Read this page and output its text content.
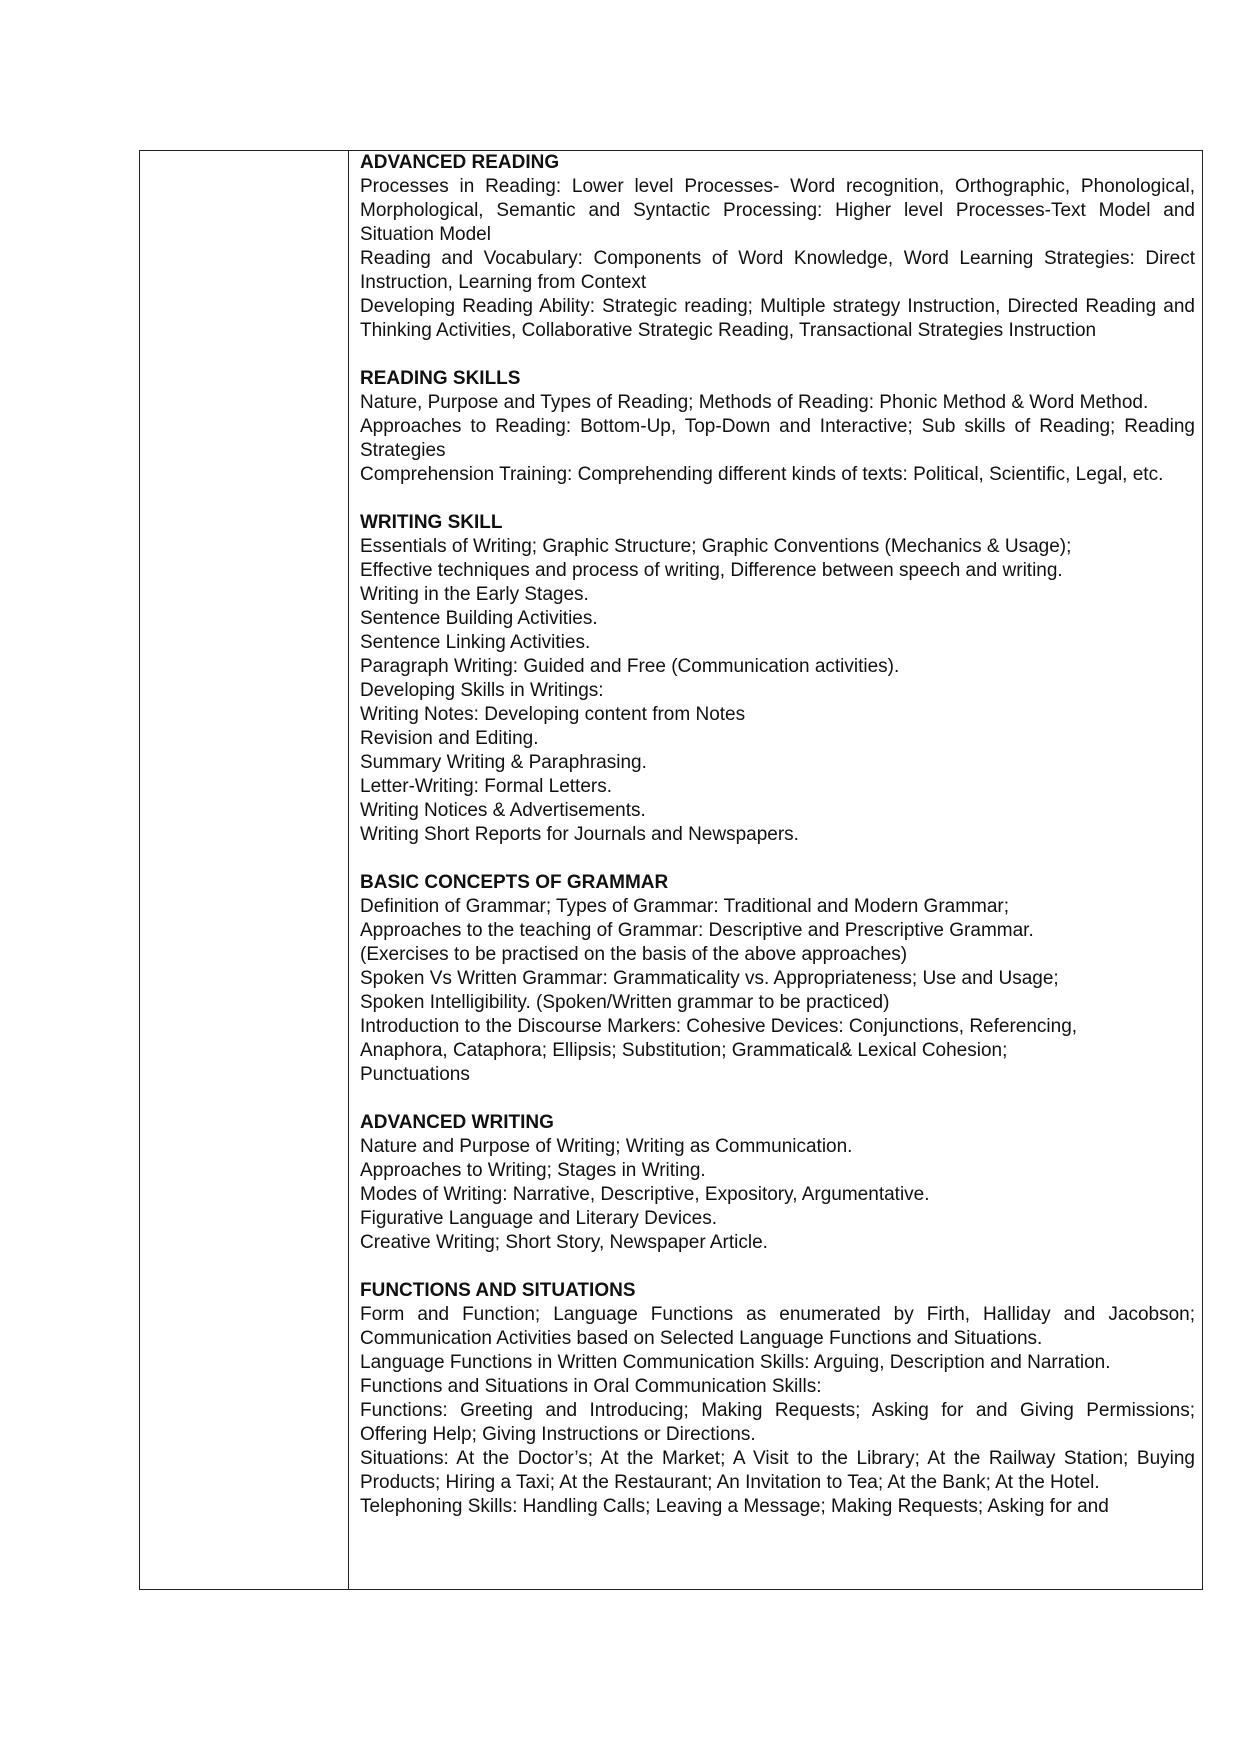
ADVANCED READING
Processes in Reading: Lower level Processes- Word recognition, Orthographic, Phonological, Morphological, Semantic and Syntactic Processing: Higher level Processes-Text Model and Situation Model
Reading and Vocabulary: Components of Word Knowledge, Word Learning Strategies: Direct Instruction, Learning from Context
Developing Reading Ability: Strategic reading; Multiple strategy Instruction, Directed Reading and Thinking Activities, Collaborative Strategic Reading, Transactional Strategies Instruction
READING SKILLS
Nature, Purpose and Types of Reading; Methods of Reading: Phonic Method & Word Method.
Approaches to Reading: Bottom-Up, Top-Down and Interactive; Sub skills of Reading; Reading Strategies
Comprehension Training: Comprehending different kinds of texts: Political, Scientific, Legal, etc.
WRITING SKILL
Essentials of Writing; Graphic Structure; Graphic Conventions (Mechanics & Usage);
Effective techniques and process of writing, Difference between speech and writing.
Writing in the Early Stages.
Sentence Building Activities.
Sentence Linking Activities.
Paragraph Writing: Guided and Free (Communication activities).
Developing Skills in Writings:
Writing Notes: Developing content from Notes
Revision and Editing.
Summary Writing & Paraphrasing.
Letter-Writing: Formal Letters.
Writing Notices & Advertisements.
Writing Short Reports for Journals and Newspapers.
BASIC CONCEPTS OF GRAMMAR
Definition of Grammar; Types of Grammar: Traditional and Modern Grammar;
Approaches to the teaching of Grammar: Descriptive and Prescriptive Grammar.
(Exercises to be practised on the basis of the above approaches)
Spoken Vs Written Grammar: Grammaticality vs. Appropriateness; Use and Usage;
Spoken Intelligibility. (Spoken/Written grammar to be practiced)
Introduction to the Discourse Markers: Cohesive Devices: Conjunctions, Referencing,
Anaphora, Cataphora; Ellipsis; Substitution; Grammatical& Lexical Cohesion;
Punctuations
ADVANCED WRITING
Nature and Purpose of Writing; Writing as Communication.
Approaches to Writing; Stages in Writing.
Modes of Writing: Narrative, Descriptive, Expository, Argumentative.
Figurative Language and Literary Devices.
Creative Writing; Short Story, Newspaper Article.
FUNCTIONS AND SITUATIONS
Form and Function; Language Functions as enumerated by Firth, Halliday and Jacobson; Communication Activities based on Selected Language Functions and Situations.
Language Functions in Written Communication Skills: Arguing, Description and Narration.
Functions and Situations in Oral Communication Skills:
Functions: Greeting and Introducing; Making Requests; Asking for and Giving Permissions; Offering Help; Giving Instructions or Directions.
Situations: At the Doctor’s; At the Market; A Visit to the Library; At the Railway Station; Buying Products; Hiring a Taxi; At the Restaurant; An Invitation to Tea; At the Bank; At the Hotel.
Telephoning Skills: Handling Calls; Leaving a Message; Making Requests; Asking for and
